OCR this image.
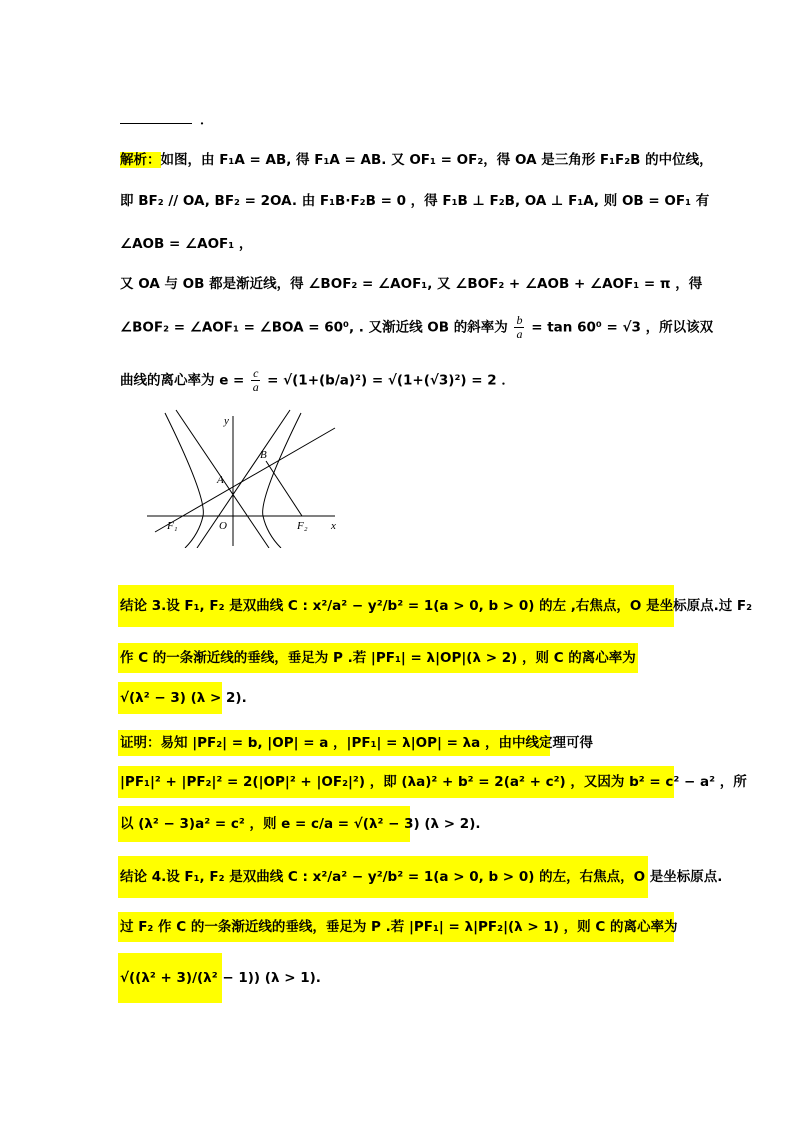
．
解析：如图，由 F₁A = AB, 得 F₁A = AB. 又 OF₁ = OF₂，得 OA 是三角形 F₁F₂B 的中位线，
即 BF₂ // OA, BF₂ = 2OA. 由 F₁B·F₂B = 0 ，得 F₁B ⊥ F₂B, OA ⊥ F₁A, 则 OB = OF₁ 有
∠AOB = ∠AOF₁ ，
又 OA 与 OB 都是渐近线，得 ∠BOF₂ = ∠AOF₁, 又 ∠BOF₂ + ∠AOB + ∠AOF₁ = π ，得
∠BOF₂ = ∠AOF₁ = ∠BOA = 60⁰, . 又渐近线 OB 的斜率为 $\frac{b}{a} = \tan 60^0 = √3$ ，所以该双
曲线的离心率为 $e = \frac{c}{a} = √(1+(b/a)^2) = √(1+(√3)^2) = 2$ ．
y
x
B
A
O
F₁	F₂
结论 3.设 F₁, F₂ 是双曲线 C : x²/a² − y²/b² = 1(a > 0, b > 0) 的左 ,右焦点，O 是坐标原点.过 F₂
作 C 的一条渐近线的垂线，垂足为 P .若 |PF₁| = λ|OP|(λ > 2) ，则 C 的离心率为
√(λ² − 3) (λ > 2).
证明：易知 |PF₂| = b, |OP| = a ，|PF₁| = λ|OP| = λa ，由中线定理可得
|PF₁|² + |PF₂|² = 2(|OP|² + |OF₂|²) ，即 (λa)² + b² = 2(a² + c²) ，又因为 b² = c² − a² ，所
以 (λ² − 3)a² = c² ，则 e = c/a = √(λ² − 3) (λ > 2).
结论 4.设 F₁, F₂ 是双曲线 C : x²/a² − y²/b² = 1(a > 0, b > 0) 的左，右焦点，O 是坐标原点.
过 F₂ 作 C 的一条渐近线的垂线，垂足为 P .若 |PF₁| = λ|PF₂|(λ > 1) ，则 C 的离心率为
√((λ² + 3)/(λ² − 1)) (λ > 1).
